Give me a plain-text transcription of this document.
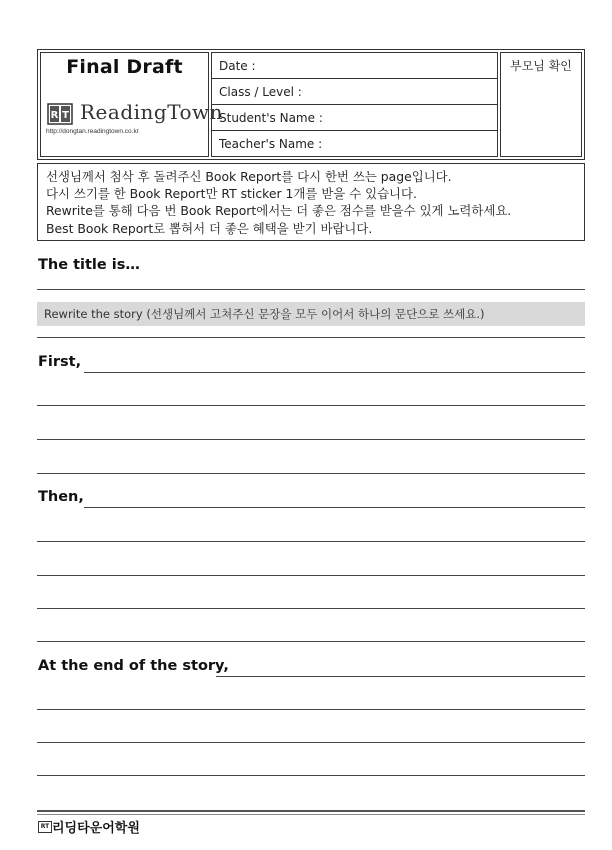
Final Draft
R T ReadingTown
http://dongtan.readingtown.co.kr
Date :
Class / Level :
Student's Name :
Teacher's Name :
부모님 확인
선생님께서 첨삭 후 돌려주신 Book Report를 다시 한번 쓰는 page입니다.
다시 쓰기를 한 Book Report만 RT sticker 1개를 받을 수 있습니다.
Rewrite를 통해 다음 번 Book Report에서는 더 좋은 점수를 받을수 있게 노력하세요.
Best Book Report로 뽑혀서 더 좋은 혜택을 받기 바랍니다.
The title is…
Rewrite the story (선생님께서 고쳐주신 문장을 모두 이어서 하나의 문단으로 쓰세요.)
First,
Then,
At the end of the story,
RT 리딩타운어학원
